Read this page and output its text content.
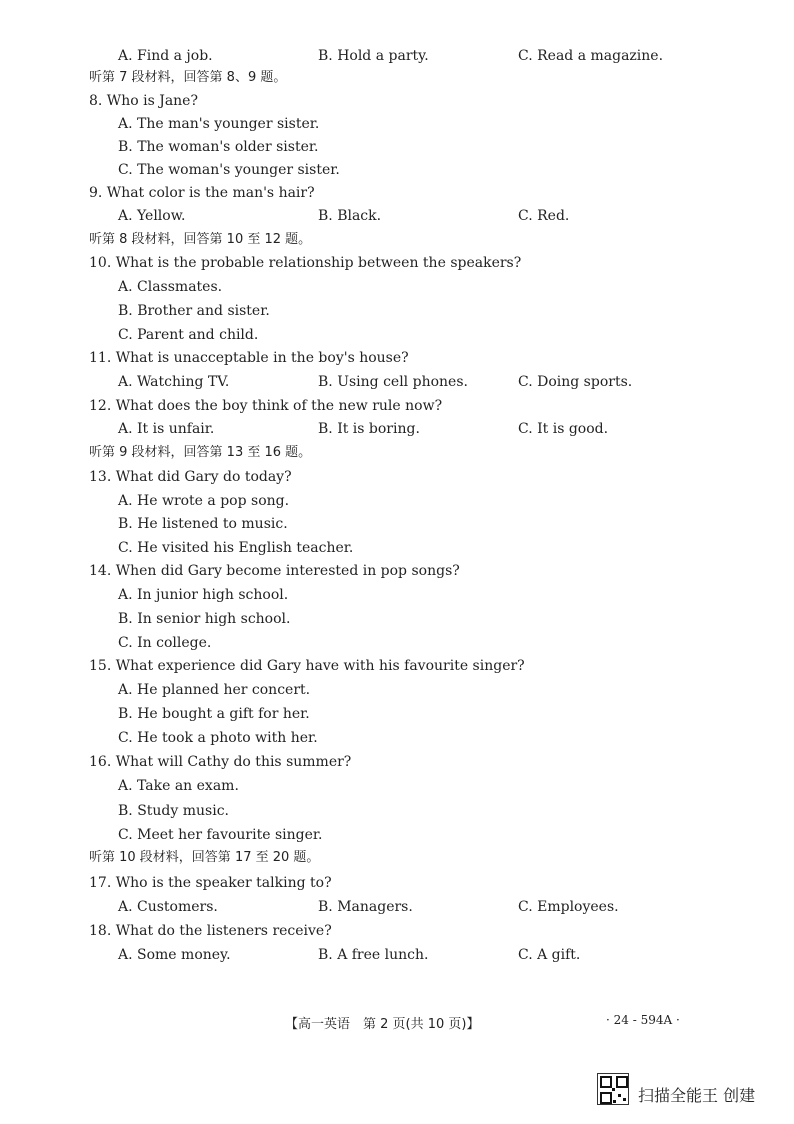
A. Find a job.	B. Hold a party.	C. Read a magazine.
听第 7 段材料，回答第 8、9 题。
8. Who is Jane?
A. The man's younger sister.
B. The woman's older sister.
C. The woman's younger sister.
9. What color is the man's hair?
A. Yellow.	B. Black.	C. Red.
听第 8 段材料，回答第 10 至 12 题。
10. What is the probable relationship between the speakers?
A. Classmates.
B. Brother and sister.
C. Parent and child.
11. What is unacceptable in the boy's house?
A. Watching TV.	B. Using cell phones.	C. Doing sports.
12. What does the boy think of the new rule now?
A. It is unfair.	B. It is boring.	C. It is good.
听第 9 段材料，回答第 13 至 16 题。
13. What did Gary do today?
A. He wrote a pop song.
B. He listened to music.
C. He visited his English teacher.
14. When did Gary become interested in pop songs?
A. In junior high school.
B. In senior high school.
C. In college.
15. What experience did Gary have with his favourite singer?
A. He planned her concert.
B. He bought a gift for her.
C. He took a photo with her.
16. What will Cathy do this summer?
A. Take an exam.
B. Study music.
C. Meet her favourite singer.
听第 10 段材料，回答第 17 至 20 题。
17. Who is the speaker talking to?
A. Customers.	B. Managers.	C. Employees.
18. What do the listeners receive?
A. Some money.	B. A free lunch.	C. A gift.
【高一英语　第 2 页(共 10 页)】	· 24 - 594A ·
扫描全能王 创建
